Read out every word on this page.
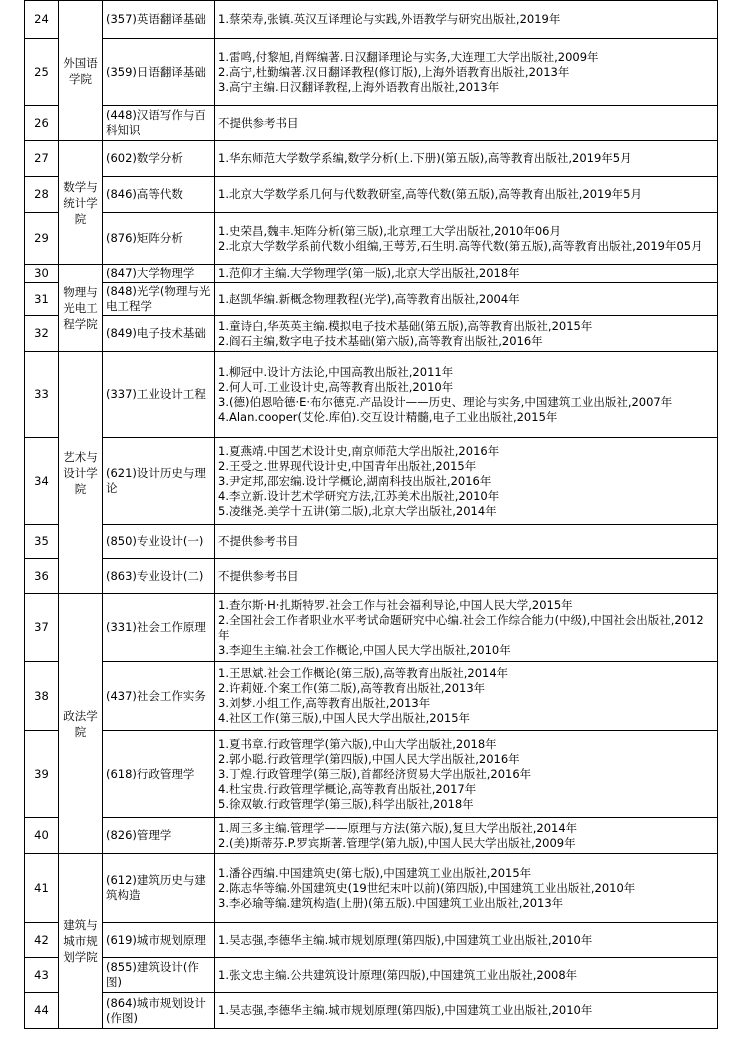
24	外国语学院	(357)英语翻译基础	1.蔡荣寿,张镇.英汉互译理论与实践,外语教学与研究出版社,2019年
25		(359)日语翻译基础	1.雷鸣,付黎旭,肖辉编著.日汉翻译理论与实务,大连理工大学出版社,2009年
2.高宁,杜勤编著.汉日翻译教程(修订版),上海外语教育出版社,2013年
3.高宁主编.日汉翻译教程,上海外语教育出版社,2013年
26		(448)汉语写作与百科知识	不提供参考书目
27	数学与统计学院	(602)数学分析	1.华东师范大学数学系编,数学分析(上.下册)(第五版),高等教育出版社,2019年5月
28		(846)高等代数	1.北京大学数学系几何与代数教研室,高等代数(第五版),高等教育出版社,2019年5月
29		(876)矩阵分析	1.史荣昌,魏丰.矩阵分析(第三版),北京理工大学出版社,2010年06月
2.北京大学数学系前代数小组编,王萼芳,石生明.高等代数(第五版),高等教育出版社,2019年05月
30	物理与光电工程学院	(847)大学物理学	1.范仰才主编.大学物理学(第一版),北京大学出版社,2018年
31		(848)光学(物理与光电工程学	1.赵凯华编.新概念物理教程(光学),高等教育出版社,2004年
32		(849)电子技术基础	1.童诗白,华英英主编.模拟电子技术基础(第五版),高等教育出版社,2015年
2.阎石主编,数字电子技术基础(第六版),高等教育出版社,2016年
33	艺术与设计学院	(337)工业设计工程	1.柳冠中.设计方法论,中国高教出版社,2011年
2.何人可.工业设计史,高等教育出版社,2010年
3.(德)伯恩哈德·E·布尔德克.产品设计——历史、理论与实务,中国建筑工业出版社,2007年
4.Alan.cooper(艾伦.库伯).交互设计精髓,电子工业出版社,2015年
34		(621)设计历史与理论	1.夏燕靖.中国艺术设计史,南京师范大学出版社,2016年
2.王受之.世界现代设计史,中国青年出版社,2015年
3.尹定邦,邵宏编.设计学概论,湖南科技出版社,2016年
4.李立新.设计艺术学研究方法,江苏美术出版社,2010年
5.凌继尧.美学十五讲(第二版),北京大学出版社,2014年
35		(850)专业设计(一)	不提供参考书目
36		(863)专业设计(二)	不提供参考书目
37	政法学院	(331)社会工作原理	1.查尔斯·H·扎斯特罗.社会工作与社会福利导论,中国人民大学,2015年
2.全国社会工作者职业水平考试命题研究中心编.社会工作综合能力(中级),中国社会出版社,2012年
3.李迎生主编.社会工作概论,中国人民大学出版社,2010年
38		(437)社会工作实务	1.王思斌.社会工作概论(第三版),高等教育出版社,2014年
2.许莉娅.个案工作(第二版),高等教育出版社,2013年
3.刘梦.小组工作,高等教育出版社,2013年
4.社区工作(第三版),中国人民大学出版社,2015年
39		(618)行政管理学	1.夏书章.行政管理学(第六版),中山大学出版社,2018年
2.郭小聪.行政管理学(第四版),中国人民大学出版社,2016年
3.丁煌.行政管理学(第三版),首都经济贸易大学出版社,2016年
4.杜宝贵.行政管理学概论,高等教育出版社,2017年
5.徐双敏.行政管理学(第三版),科学出版社,2018年
40		(826)管理学	1.周三多主编.管理学——原理与方法(第六版),复旦大学出版社,2014年
2.(美)斯蒂芬.P.罗宾斯著.管理学(第九版),中国人民大学出版社,2009年
41	建筑与城市规划学院	(612)建筑历史与建筑构造	1.潘谷西编.中国建筑史(第七版),中国建筑工业出版社,2015年
2.陈志华等编.外国建筑史(19世纪末叶以前)(第四版),中国建筑工业出版社,2010年
3.李必瑜等编.建筑构造(上册)(第五版).中国建筑工业出版社,2013年
42		(619)城市规划原理	1.吴志强,李德华主编.城市规划原理(第四版),中国建筑工业出版社,2010年
43		(855)建筑设计(作图)	1.张文忠主编.公共建筑设计原理(第四版),中国建筑工业出版社,2008年
44		(864)城市规划设计(作图)	1.吴志强,李德华主编.城市规划原理(第四版),中国建筑工业出版社,2010年
